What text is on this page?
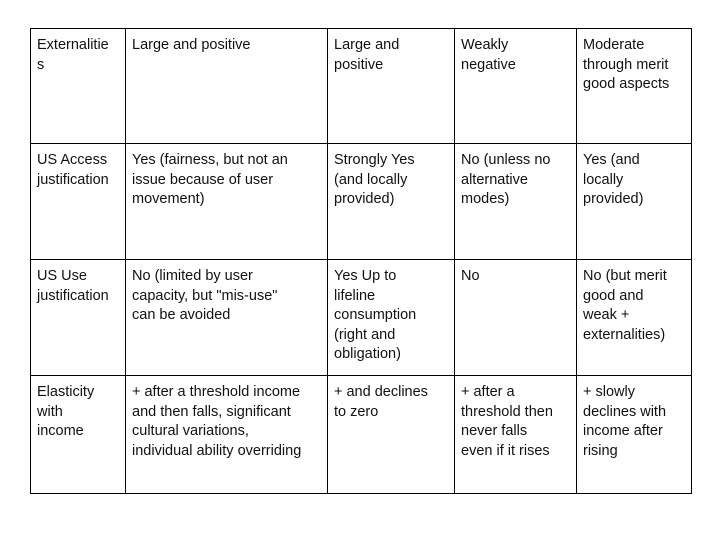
Externalitie
s	Large and positive	Large and
positive	Weakly
negative	Moderate
through merit
good aspects

US Access
justification	Yes (fairness, but not an
issue because of user
movement)	Strongly Yes
(and locally
provided)	No (unless no
alternative
modes)	Yes (and
locally
provided)

US Use
justification	No (limited by user
capacity, but "mis-use"
can be avoided	Yes Up to
lifeline
consumption
(right and
obligation)	No	No (but merit
good and
weak +
externalities)

Elasticity
with
income	+ after a threshold income
and then falls, significant
cultural variations,
individual ability overriding	+ and declines
to zero	+ after a
threshold then
never falls
even if it rises	+ slowly
declines with
income after
rising
